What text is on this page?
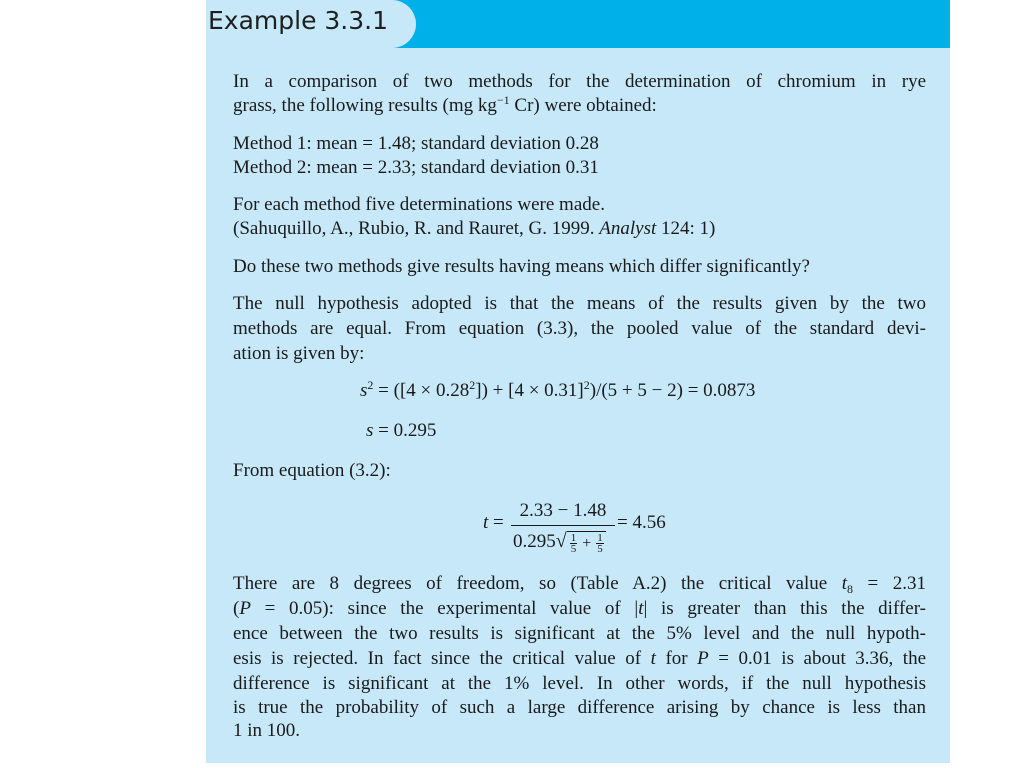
Example 3.3.1
In a comparison of two methods for the determination of chromium in rye
grass, the following results (mg $kg^{-1}$ Cr) were obtained:
Method 1: mean = 1.48; standard deviation 0.28
Method 2: mean = 2.33; standard deviation 0.31
For each method five determinations were made.
(Sahuquillo, A., Rubio, R. and Rauret, G. 1999. Analyst 124: 1)
Do these two methods give results having means which differ significantly?
The null hypothesis adopted is that the means of the results given by the two
methods are equal. From equation (3.3), the pooled value of the standard devi-
ation is given by:
$s^2 = ([4 \times 0.28^2]) + [4 \times 0.31]^2)/(5 + 5 - 2) = 0.0873$
s = 0.295
From equation (3.2):
t =
2.33 − 1.48
$0.295√ \frac{1}{5} + \frac{1}{5}$
= 4.56
There are 8 degrees of freedom, so (Table A.2) the critical value $t_8 = 2.31$
(P = 0.05): since the experimental value of |t| is greater than this the differ-
ence between the two results is significant at the 5% level and the null hypoth-
esis is rejected. In fact since the critical value of t for P = 0.01 is about 3.36, the
difference is significant at the 1% level. In other words, if the null hypothesis
is true the probability of such a large difference arising by chance is less than
1 in 100.
